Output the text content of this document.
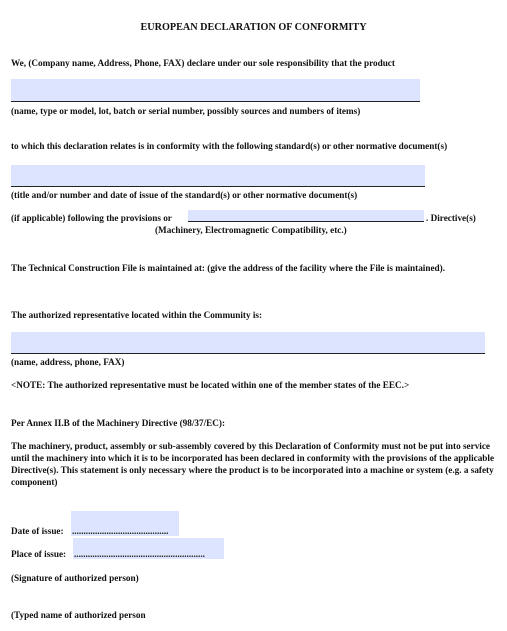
EUROPEAN DECLARATION OF CONFORMITY
We, (Company name, Address, Phone, FAX) declare under our sole responsibility that the product
(name, type or model, lot, batch or serial number, possibly sources and numbers of items)
to which this declaration relates is in conformity with the following standard(s) or other normative document(s)
(title and/or number and date of issue of the standard(s) or other normative document(s)
(if applicable) following the provisions or	. Directive(s)
(Machinery, Electromagnetic Compatibility, etc.)
The Technical Construction File is maintained at: (give the address of the facility where the File is maintained).
The authorized representative located within the Community is:
(name, address, phone, FAX)
<NOTE: The authorized representative must be located within one of the member states of the EEC.>
Per Annex II.B of the Machinery Directive (98/37/EC):
The machinery, product, assembly or sub-assembly covered by this Declaration of Conformity must not be put into service until the machinery into which it is to be incorporated has been declared in conformity with the provisions of the applicable Directive(s). This statement is only necessary where the product is to be incorporated into a machine or system (e.g. a safety component)
Date of issue: ..........................................
Place of issue: .........................................................
(Signature of authorized person)
(Typed name of authorized person
